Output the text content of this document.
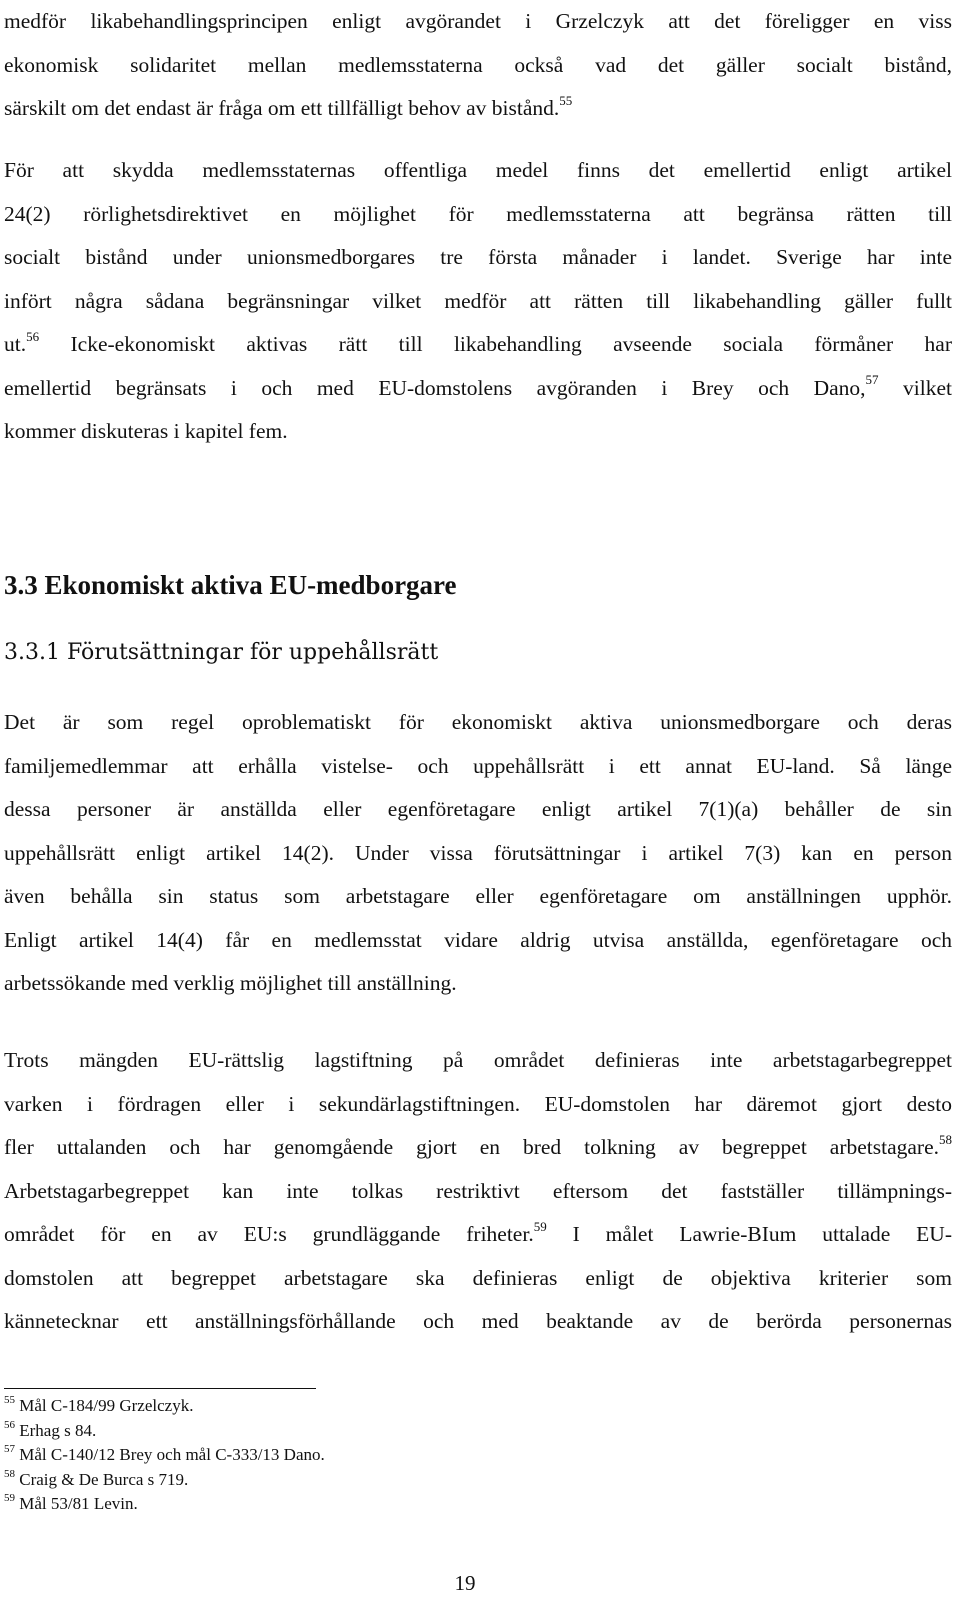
medför likabehandlingsprincipen enligt avgörandet i Grzelczyk att det föreligger en viss
ekonomisk solidaritet mellan medlemsstaterna också vad det gäller socialt bistånd,
särskilt om det endast är fråga om ett tillfälligt behov av bistånd.$^{55}$
För att skydda medlemsstaternas offentliga medel finns det emellertid enligt artikel
24(2) rörlighetsdirektivet en möjlighet för medlemsstaterna att begränsa rätten till
socialt bistånd under unionsmedborgares tre första månader i landet. Sverige har inte
infört några sådana begränsningar vilket medför att rätten till likabehandling gäller fullt
ut.$^{56}$ Icke-ekonomiskt aktivas rätt till likabehandling avseende sociala förmåner har
emellertid begränsats i och med EU-domstolens avgöranden i Brey och Dano,$^{57}$ vilket
kommer diskuteras i kapitel fem.
3.3 Ekonomiskt aktiva EU-medborgare
3.3.1 Förutsättningar för uppehållsrätt
Det är som regel oproblematiskt för ekonomiskt aktiva unionsmedborgare och deras
familjemedlemmar att erhålla vistelse- och uppehållsrätt i ett annat EU-land. Så länge
dessa personer är anställda eller egenföretagare enligt artikel 7(1)(a) behåller de sin
uppehållsrätt enligt artikel 14(2). Under vissa förutsättningar i artikel 7(3) kan en person
även behålla sin status som arbetstagare eller egenföretagare om anställningen upphör.
Enligt artikel 14(4) får en medlemsstat vidare aldrig utvisa anställda, egenföretagare och
arbetssökande med verklig möjlighet till anställning.
Trots mängden EU-rättslig lagstiftning på området definieras inte arbetstagarbegreppet
varken i fördragen eller i sekundärlagstiftningen. EU-domstolen har däremot gjort desto
fler uttalanden och har genomgående gjort en bred tolkning av begreppet arbetstagare.$^{58}$
Arbetstagarbegreppet kan inte tolkas restriktivt eftersom det fastställer tillämpnings-
området för en av EU:s grundläggande friheter.$^{59}$ I målet Lawrie-BIum uttalade EU-
domstolen att begreppet arbetstagare ska definieras enligt de objektiva kriterier som
kännetecknar ett anställningsförhållande och med beaktande av de berörda personernas
$^{55}$ Mål C-184/99 Grzelczyk.
$^{56}$ Erhag s 84.
$^{57}$ Mål C-140/12 Brey och mål C-333/13 Dano.
$^{58}$ Craig & De Burca s 719.
$^{59}$ Mål 53/81 Levin.
19
